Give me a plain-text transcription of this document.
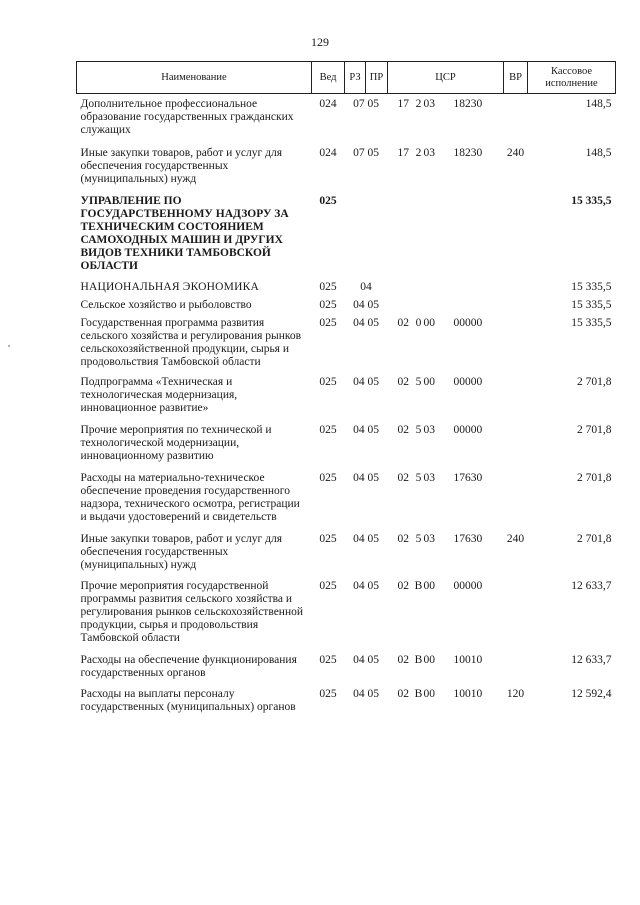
129
Наименование	Вед	РЗ	ПР	ЦСР	ВР	Кассовое исполнение
Дополнительное профессиональное образование государственных гражданских служащих	024	07 05		17 2 03 18230		148,5
Иные закупки товаров, работ и услуг для обеспечения государственных (муниципальных) нужд	024	07 05		17 2 03 18230	240	148,5
УПРАВЛЕНИЕ ПО ГОСУДАРСТВЕННОМУ НАДЗОРУ ЗА ТЕХНИЧЕСКИМ СОСТОЯНИЕМ САМОХОДНЫХ МАШИН И ДРУГИХ ВИДОВ ТЕХНИКИ ТАМБОВСКОЙ ОБЛАСТИ	025					15 335,5
НАЦИОНАЛЬНАЯ ЭКОНОМИКА	025	04				15 335,5
Сельское хозяйство и рыболовство	025	04 05				15 335,5
Государственная программа развития сельского хозяйства и регулирования рынков сельскохозяйственной продукции, сырья и продовольствия Тамбовской области	025	04 05		02 0 00 00000		15 335,5
Подпрограмма «Техническая и технологическая модернизация, инновационное развитие»	025	04 05		02 5 00 00000		2 701,8
Прочие мероприятия по технической и технологической модернизации, инновационному развитию	025	04 05		02 5 03 00000		2 701,8
Расходы на материально-техническое обеспечение проведения государственного надзора, технического осмотра, регистрации и выдачи удостоверений и свидетельств	025	04 05		02 5 03 17630		2 701,8
Иные закупки товаров, работ и услуг для обеспечения государственных (муниципальных) нужд	025	04 05		02 5 03 17630	240	2 701,8
Прочие мероприятия государственной программы развития сельского хозяйства и регулирования рынков сельскохозяйственной продукции, сырья и продовольствия Тамбовской области	025	04 05		02 В00 00000		12 633,7
Расходы на обеспечение функционирования государственных органов	025	04 05		02 В00 10010		12 633,7
Расходы на выплаты персоналу государственных (муниципальных) органов	025	04 05		02 В00 10010	120	12 592,4
